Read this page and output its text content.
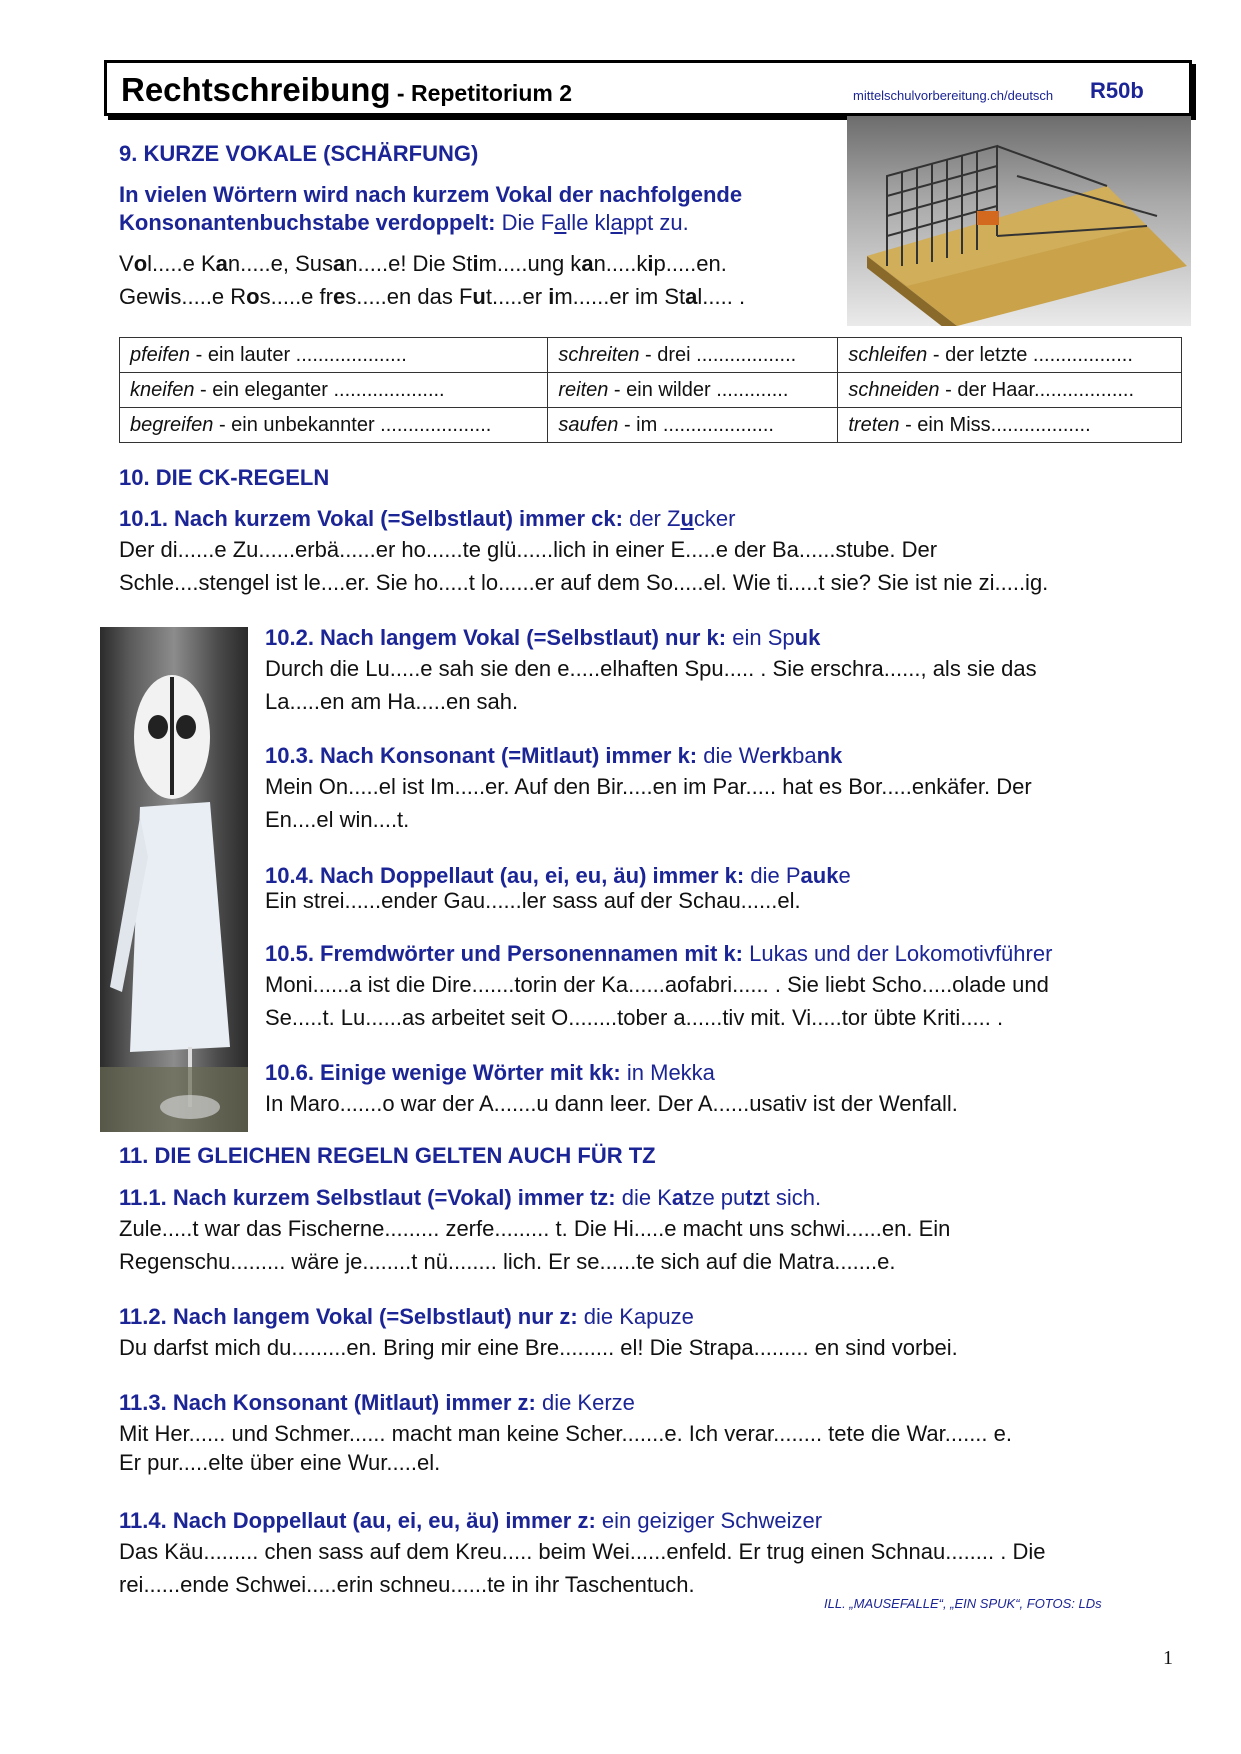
Rechtschreibung - Repetitorium 2	mittelschulvorbereitung.ch/deutsch R50b
9. KURZE VOKALE (SCHÄRFUNG)
In vielen Wörtern wird nach kurzem Vokal der nachfolgende
Konsonantenbuchstabe verdoppelt: Die Falle klappt zu.
Vol.....e Kan.....e, Susan.....e! Die Stim.....ung kan.....kip.....en.
Gewis.....e Ros.....e fres.....en das Fut.....er im......er im Stal..... .
pfeifen - ein lauter ....................	schreiten - drei ..................	schleifen - der letzte ..................
kneifen - ein eleganter ....................	reiten - ein wilder .............	schneiden - der Haar..................
begreifen - ein unbekannter ....................	saufen - im ....................	treten - ein Miss..................
10. DIE CK-REGELN
10.1. Nach kurzem Vokal (=Selbstlaut) immer ck: der Zucker
Der di......e Zu......erbä......er ho......te glü......lich in einer E.....e der Ba......stube. Der
Schle....stengel ist le....er. Sie ho.....t lo......er auf dem So.....el. Wie ti.....t sie? Sie ist nie zi.....ig.
10.2. Nach langem Vokal (=Selbstlaut) nur k: ein Spuk
Durch die Lu.....e sah sie den e.....elhaften Spu..... . Sie erschra......, als sie das
La.....en am Ha.....en sah.
10.3. Nach Konsonant (=Mitlaut) immer k: die Werkbank
Mein On.....el ist Im.....er. Auf den Bir.....en im Par..... hat es Bor.....enkäfer. Der
En....el win....t.
10.4. Nach Doppellaut (au, ei, eu, äu) immer k: die Pauke
Ein strei......ender Gau......ler sass auf der Schau......el.
10.5. Fremdwörter und Personennamen mit k: Lukas und der Lokomotivführer
Moni......a ist die Dire.......torin der Ka......aofabri...... . Sie liebt Scho.....olade und
Se.....t. Lu......as arbeitet seit O........tober a......tiv mit. Vi.....tor übte Kriti..... .
10.6. Einige wenige Wörter mit kk: in Mekka
In Maro.......o war der A.......u dann leer. Der A......usativ ist der Wenfall.
11. DIE GLEICHEN REGELN GELTEN AUCH FÜR TZ
11.1. Nach kurzem Selbstlaut (=Vokal) immer tz: die Katze putzt sich.
Zule.....t war das Fischerne......... zerfe......... t. Die Hi.....e macht uns schwi......en. Ein
Regenschu......... wäre je........t nü........ lich. Er se......te sich auf die Matra.......e.
11.2. Nach langem Vokal (=Selbstlaut) nur z: die Kapuze
Du darfst mich du.........en. Bring mir eine Bre......... el! Die Strapa......... en sind vorbei.
11.3. Nach Konsonant (Mitlaut) immer z: die Kerze
Mit Her...... und Schmer...... macht man keine Scher.......e. Ich verar........ tete die War....... e.
Er pur.....elte über eine Wur.....el.
11.4. Nach Doppellaut (au, ei, eu, äu) immer z: ein geiziger Schweizer
Das Käu......... chen sass auf dem Kreu..... beim Wei......enfeld. Er trug einen Schnau........ . Die
rei......ende Schwei.....erin schneu......te in ihr Taschentuch.
ILL. „MAUSEFALLE“, „EIN SPUK“, FOTOS: LDs
1
